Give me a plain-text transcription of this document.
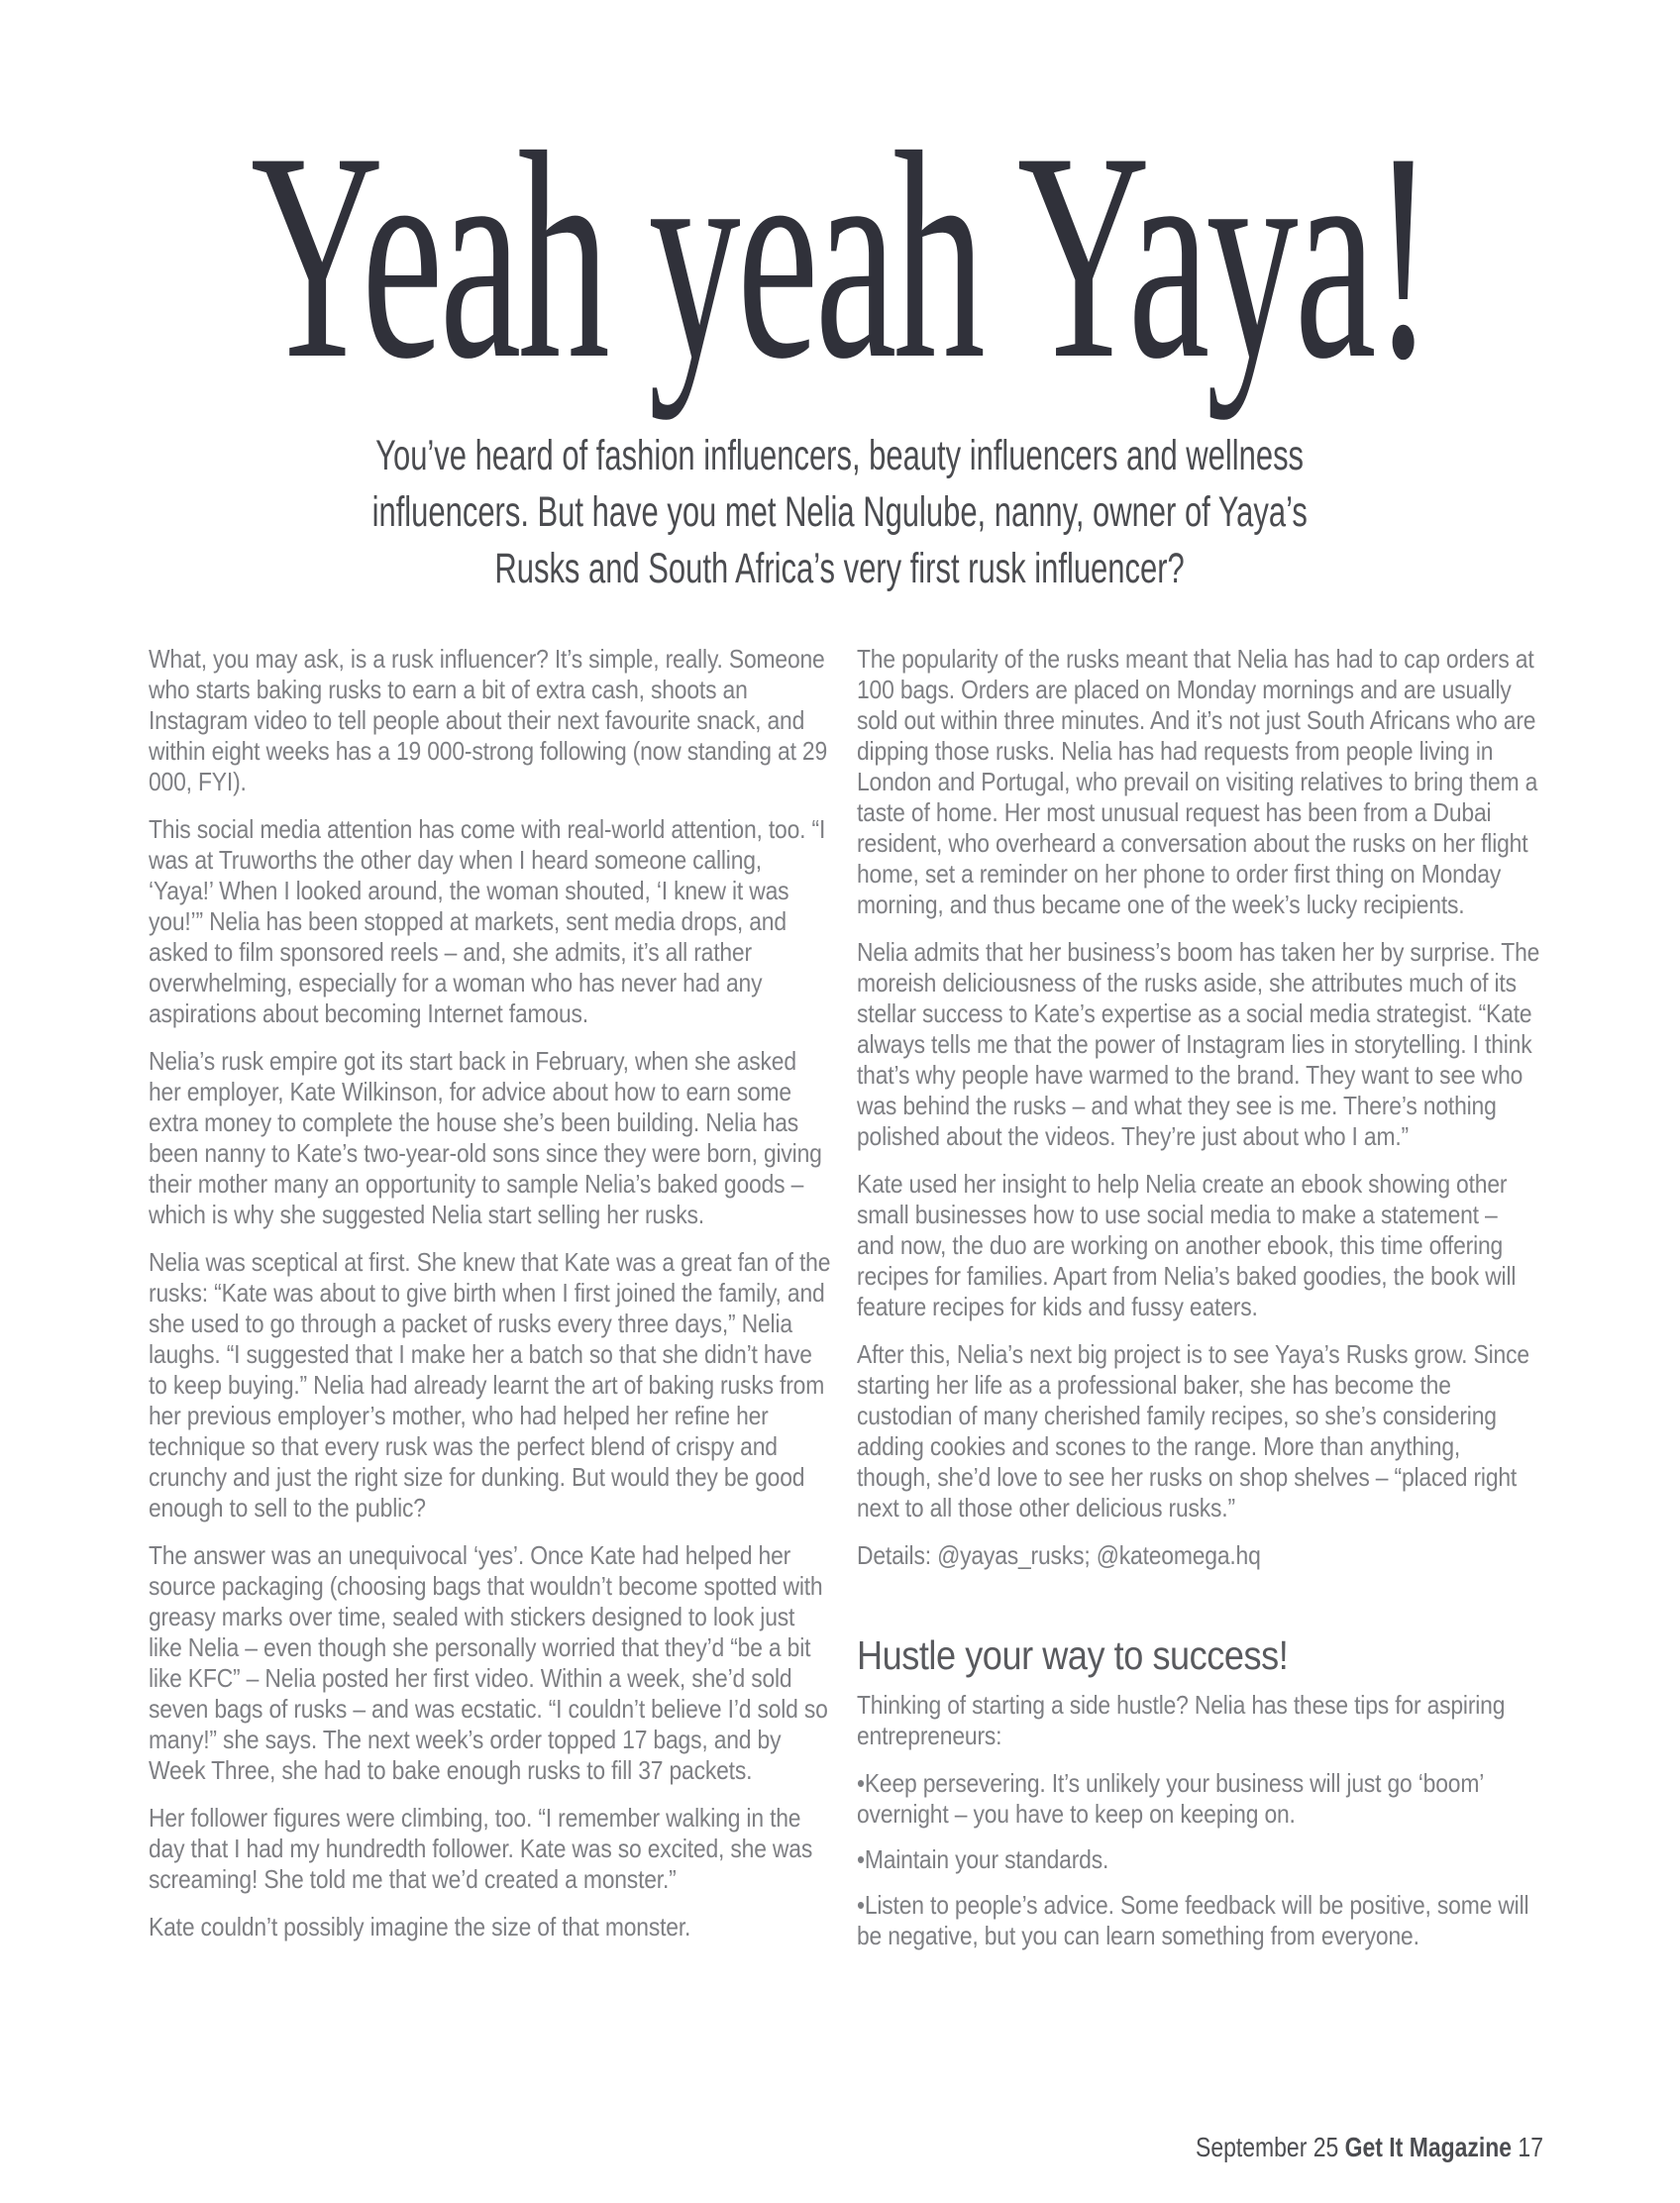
Yeah yeah Yaya!
You’ve heard of fashion influencers, beauty influencers and wellness
influencers. But have you met Nelia Ngulube, nanny, owner of Yaya’s
Rusks and South Africa’s very first rusk influencer?

What, you may ask, is a rusk influencer? It’s simple, really. Someone who starts baking rusks to earn a bit of extra cash, shoots an Instagram video to tell people about their next favourite snack, and within eight weeks has a 19 000-strong following (now standing at 29 000, FYI).

This social media attention has come with real-world attention, too. “I was at Truworths the other day when I heard someone calling, ‘Yaya!’ When I looked around, the woman shouted, ‘I knew it was you!’” Nelia has been stopped at markets, sent media drops, and asked to film sponsored reels – and, she admits, it’s all rather overwhelming, especially for a woman who has never had any aspirations about becoming Internet famous.

Nelia’s rusk empire got its start back in February, when she asked her employer, Kate Wilkinson, for advice about how to earn some extra money to complete the house she’s been building. Nelia has been nanny to Kate’s two-year-old sons since they were born, giving their mother many an opportunity to sample Nelia’s baked goods – which is why she suggested Nelia start selling her rusks.

Nelia was sceptical at first. She knew that Kate was a great fan of the rusks: “Kate was about to give birth when I first joined the family, and she used to go through a packet of rusks every three days,” Nelia laughs. “I suggested that I make her a batch so that she didn’t have to keep buying.” Nelia had already learnt the art of baking rusks from her previous employer’s mother, who had helped her refine her technique so that every rusk was the perfect blend of crispy and crunchy and just the right size for dunking. But would they be good enough to sell to the public?

The answer was an unequivocal ‘yes’. Once Kate had helped her source packaging (choosing bags that wouldn’t become spotted with greasy marks over time, sealed with stickers designed to look just like Nelia – even though she personally worried that they’d “be a bit like KFC” – Nelia posted her first video. Within a week, she’d sold seven bags of rusks – and was ecstatic. “I couldn’t believe I’d sold so many!” she says. The next week’s order topped 17 bags, and by Week Three, she had to bake enough rusks to fill 37 packets.

Her follower figures were climbing, too. “I remember walking in the day that I had my hundredth follower. Kate was so excited, she was screaming! She told me that we’d created a monster.”

Kate couldn’t possibly imagine the size of that monster.

The popularity of the rusks meant that Nelia has had to cap orders at 100 bags. Orders are placed on Monday mornings and are usually sold out within three minutes. And it’s not just South Africans who are dipping those rusks. Nelia has had requests from people living in London and Portugal, who prevail on visiting relatives to bring them a taste of home. Her most unusual request has been from a Dubai resident, who overheard a conversation about the rusks on her flight home, set a reminder on her phone to order first thing on Monday morning, and thus became one of the week’s lucky recipients.

Nelia admits that her business’s boom has taken her by surprise. The moreish deliciousness of the rusks aside, she attributes much of its stellar success to Kate’s expertise as a social media strategist. “Kate always tells me that the power of Instagram lies in storytelling. I think that’s why people have warmed to the brand. They want to see who was behind the rusks – and what they see is me. There’s nothing polished about the videos. They’re just about who I am.”

Kate used her insight to help Nelia create an ebook showing other small businesses how to use social media to make a statement – and now, the duo are working on another ebook, this time offering recipes for families. Apart from Nelia’s baked goodies, the book will feature recipes for kids and fussy eaters.

After this, Nelia’s next big project is to see Yaya’s Rusks grow. Since starting her life as a professional baker, she has become the custodian of many cherished family recipes, so she’s considering adding cookies and scones to the range. More than anything, though, she’d love to see her rusks on shop shelves – “placed right next to all those other delicious rusks.”

Details: @yayas_rusks; @kateomega.hq

Hustle your way to success!

Thinking of starting a side hustle? Nelia has these tips for aspiring entrepreneurs:

• Keep persevering. It’s unlikely your business will just go ‘boom’ overnight – you have to keep on keeping on.
• Maintain your standards.
• Listen to people’s advice. Some feedback will be positive, some will be negative, but you can learn something from everyone.
September 25 Get It Magazine 17
